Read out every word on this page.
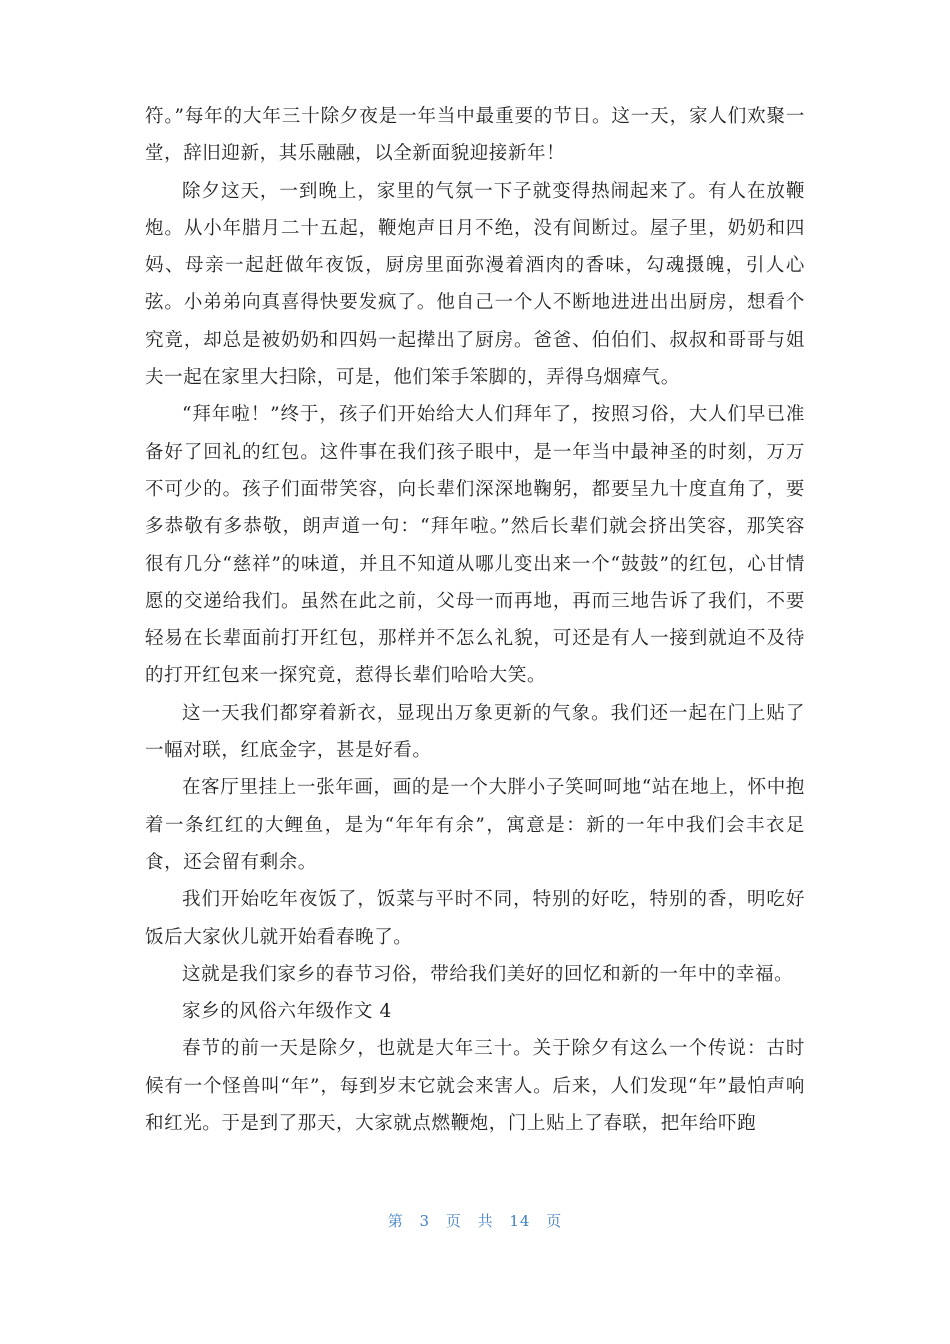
符。”每年的大年三十除夕夜是一年当中最重要的节日。这一天，家人们欢聚一堂，辞旧迎新，其乐融融，以全新面貌迎接新年！

除夕这天，一到晚上，家里的气氛一下子就变得热闹起来了。有人在放鞭炮。从小年腊月二十五起，鞭炮声日月不绝，没有间断过。屋子里，奶奶和四妈、母亲一起赶做年夜饭，厨房里面弥漫着酒肉的香味，勾魂摄魄，引人心弦。小弟弟向真喜得快要发疯了。他自己一个人不断地进进出出厨房，想看个究竟，却总是被奶奶和四妈一起撵出了厨房。爸爸、伯伯们、叔叔和哥哥与姐夫一起在家里大扫除，可是，他们笨手笨脚的，弄得乌烟瘴气。

“拜年啦！”终于，孩子们开始给大人们拜年了，按照习俗，大人们早已准备好了回礼的红包。这件事在我们孩子眼中，是一年当中最神圣的时刻，万万不可少的。孩子们面带笑容，向长辈们深深地鞠躬，都要呈九十度直角了，要多恭敬有多恭敬，朗声道一句：“拜年啦。”然后长辈们就会挤出笑容，那笑容很有几分“慈祥”的味道，并且不知道从哪儿变出来一个“鼓鼓”的红包，心甘情愿的交递给我们。虽然在此之前，父母一而再地，再而三地告诉了我们，不要轻易在长辈面前打开红包，那样并不怎么礼貌，可还是有人一接到就迫不及待的打开红包来一探究竟，惹得长辈们哈哈大笑。

这一天我们都穿着新衣，显现出万象更新的气象。我们还一起在门上贴了一幅对联，红底金字，甚是好看。

在客厅里挂上一张年画，画的是一个大胖小子笑呵呵地“站在地上，怀中抱着一条红红的大鲤鱼，是为“年年有余”，寓意是：新的一年中我们会丰衣足食，还会留有剩余。

我们开始吃年夜饭了，饭菜与平时不同，特别的好吃，特别的香，明吃好饭后大家伙儿就开始看春晚了。

这就是我们家乡的春节习俗，带给我们美好的回忆和新的一年中的幸福。

家乡的风俗六年级作文 4

春节的前一天是除夕，也就是大年三十。关于除夕有这么一个传说：古时候有一个怪兽叫“年”，每到岁末它就会来害人。后来，人们发现“年”最怕声响和红光。于是到了那天，大家就点燃鞭炮，门上贴上了春联，把年给吓跑

第 3 页 共 14 页
